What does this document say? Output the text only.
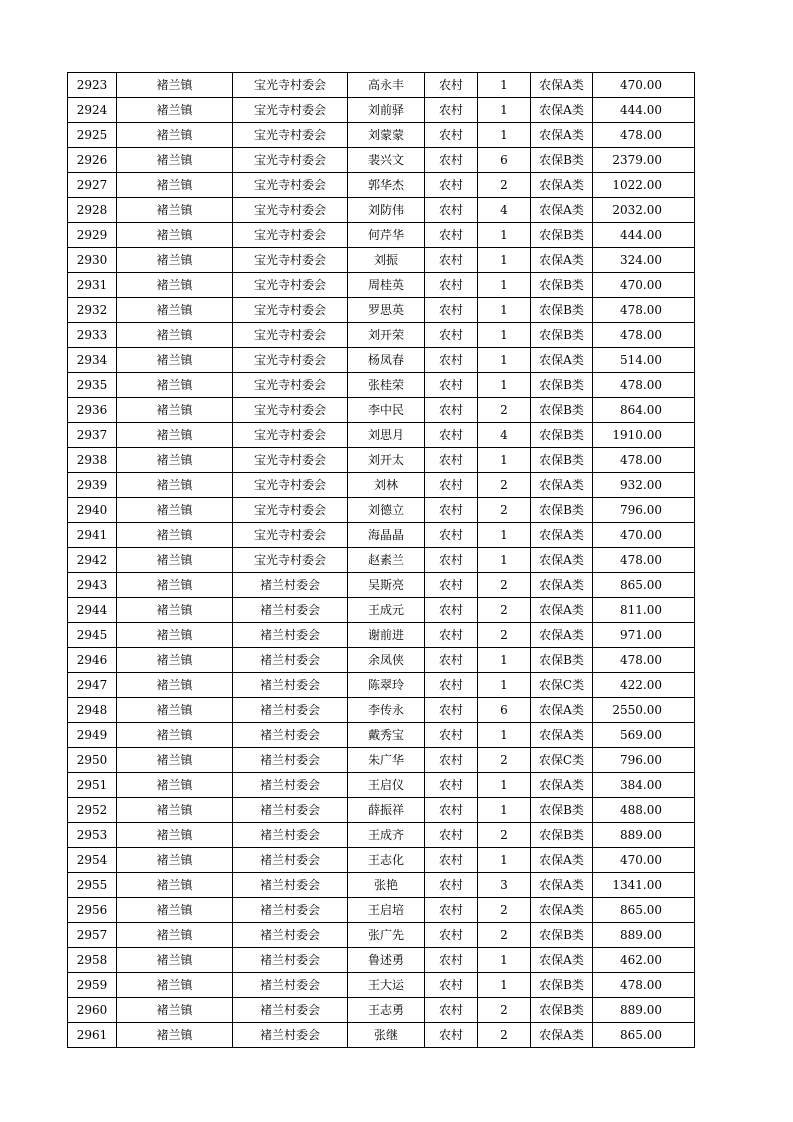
2923	褚兰镇	宝光寺村委会	高永丰	农村	1	农保A类	470.00
2924	褚兰镇	宝光寺村委会	刘前驿	农村	1	农保A类	444.00
2925	褚兰镇	宝光寺村委会	刘蒙蒙	农村	1	农保A类	478.00
2926	褚兰镇	宝光寺村委会	裴兴文	农村	6	农保B类	2379.00
2927	褚兰镇	宝光寺村委会	郭华杰	农村	2	农保A类	1022.00
2928	褚兰镇	宝光寺村委会	刘防伟	农村	4	农保A类	2032.00
2929	褚兰镇	宝光寺村委会	何芹华	农村	1	农保B类	444.00
2930	褚兰镇	宝光寺村委会	刘振	农村	1	农保A类	324.00
2931	褚兰镇	宝光寺村委会	周桂英	农村	1	农保B类	470.00
2932	褚兰镇	宝光寺村委会	罗思英	农村	1	农保B类	478.00
2933	褚兰镇	宝光寺村委会	刘开荣	农村	1	农保B类	478.00
2934	褚兰镇	宝光寺村委会	杨凤春	农村	1	农保A类	514.00
2935	褚兰镇	宝光寺村委会	张桂荣	农村	1	农保B类	478.00
2936	褚兰镇	宝光寺村委会	李中民	农村	2	农保B类	864.00
2937	褚兰镇	宝光寺村委会	刘思月	农村	4	农保B类	1910.00
2938	褚兰镇	宝光寺村委会	刘开太	农村	1	农保B类	478.00
2939	褚兰镇	宝光寺村委会	刘林	农村	2	农保A类	932.00
2940	褚兰镇	宝光寺村委会	刘德立	农村	2	农保B类	796.00
2941	褚兰镇	宝光寺村委会	海晶晶	农村	1	农保A类	470.00
2942	褚兰镇	宝光寺村委会	赵素兰	农村	1	农保A类	478.00
2943	褚兰镇	褚兰村委会	吴斯亮	农村	2	农保A类	865.00
2944	褚兰镇	褚兰村委会	王成元	农村	2	农保A类	811.00
2945	褚兰镇	褚兰村委会	谢前进	农村	2	农保A类	971.00
2946	褚兰镇	褚兰村委会	余凤侠	农村	1	农保B类	478.00
2947	褚兰镇	褚兰村委会	陈翠玲	农村	1	农保C类	422.00
2948	褚兰镇	褚兰村委会	李传永	农村	6	农保A类	2550.00
2949	褚兰镇	褚兰村委会	戴秀宝	农村	1	农保A类	569.00
2950	褚兰镇	褚兰村委会	朱广华	农村	2	农保C类	796.00
2951	褚兰镇	褚兰村委会	王启仪	农村	1	农保A类	384.00
2952	褚兰镇	褚兰村委会	薛振祥	农村	1	农保B类	488.00
2953	褚兰镇	褚兰村委会	王成齐	农村	2	农保B类	889.00
2954	褚兰镇	褚兰村委会	王志化	农村	1	农保A类	470.00
2955	褚兰镇	褚兰村委会	张艳	农村	3	农保A类	1341.00
2956	褚兰镇	褚兰村委会	王启培	农村	2	农保A类	865.00
2957	褚兰镇	褚兰村委会	张广先	农村	2	农保B类	889.00
2958	褚兰镇	褚兰村委会	鲁述勇	农村	1	农保A类	462.00
2959	褚兰镇	褚兰村委会	王大运	农村	1	农保B类	478.00
2960	褚兰镇	褚兰村委会	王志勇	农村	2	农保B类	889.00
2961	褚兰镇	褚兰村委会	张继	农村	2	农保A类	865.00
